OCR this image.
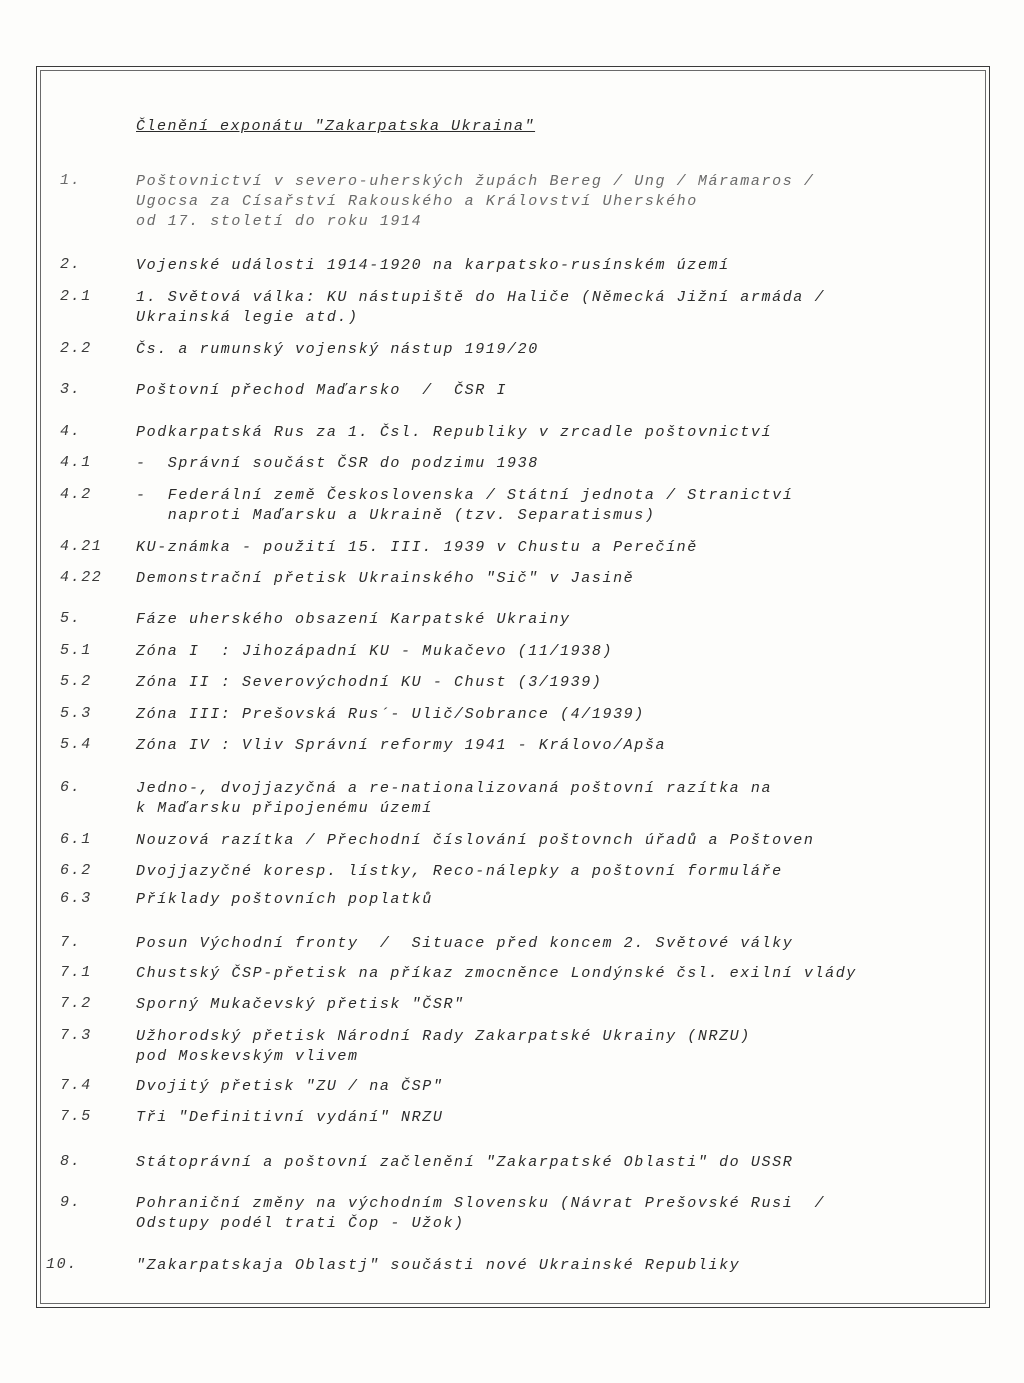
Členění exponátu "Zakarpatska Ukraina"
1.	Poštovnictví v severo-uherských župách Bereg / Ung / Máramaros /
Ugocsa za Císařství Rakouského a Království Uherského
od 17. století do roku 1914
2.	Vojenské události 1914-1920 na karpatsko-rusínském území
2.1	1. Světová válka: KU nástupiště do Haliče (Německá Jižní armáda /
Ukrainská legie atd.)
2.2	Čs. a rumunský vojenský nástup 1919/20
3.	Poštovní přechod Maďarsko  /  ČSR I
4.	Podkarpatská Rus za 1. Čsl. Republiky v zrcadle poštovnictví
4.1	-  Správní součást ČSR do podzimu 1938
4.2	-  Federální země Československa / Státní jednota / Stranictví
naproti Maďarsku a Ukraině (tzv. Separatismus)
4.21	KU-známka - použití 15. III. 1939 v Chustu a Perečíně
4.22	Demonstrační přetisk Ukrainského "Sič" v Jasině
5.	Fáze uherského obsazení Karpatské Ukrainy
5.1	Zóna I  : Jihozápadní KU - Mukačevo (11/1938)
5.2	Zóna II : Severovýchodní KU - Chust (3/1939)
5.3	Zóna III: Prešovská Rus´- Ulič/Sobrance (4/1939)
5.4	Zóna IV : Vliv Správní reformy 1941 - Královo/Apša
6.	Jedno-, dvojjazyčná a re-nationalizovaná poštovní razítka na
k Maďarsku připojenému území
6.1	Nouzová razítka / Přechodní číslování poštovnch úřadů a Poštoven
6.2	Dvojjazyčné koresp. lístky, Reco-nálepky a poštovní formuláře
6.3	Příklady poštovních poplatků
7.	Posun Východní fronty  /  Situace před koncem 2. Světové války
7.1	Chustský ČSP-přetisk na příkaz zmocněnce Londýnské čsl. exilní vlády
7.2	Sporný Mukačevský přetisk "ČSR"
7.3	Užhorodský přetisk Národní Rady Zakarpatské Ukrainy (NRZU)
pod Moskevským vlivem
7.4	Dvojitý přetisk "ZU / na ČSP"
7.5	Tři "Definitivní vydání" NRZU
8.	Státoprávní a poštovní začlenění "Zakarpatské Oblasti" do USSR
9.	Pohraniční změny na východním Slovensku (Návrat Prešovské Rusi  /
Odstupy podél trati Čop - Užok)
10.	"Zakarpatskaja Oblastj" součásti nové Ukrainské Republiky
